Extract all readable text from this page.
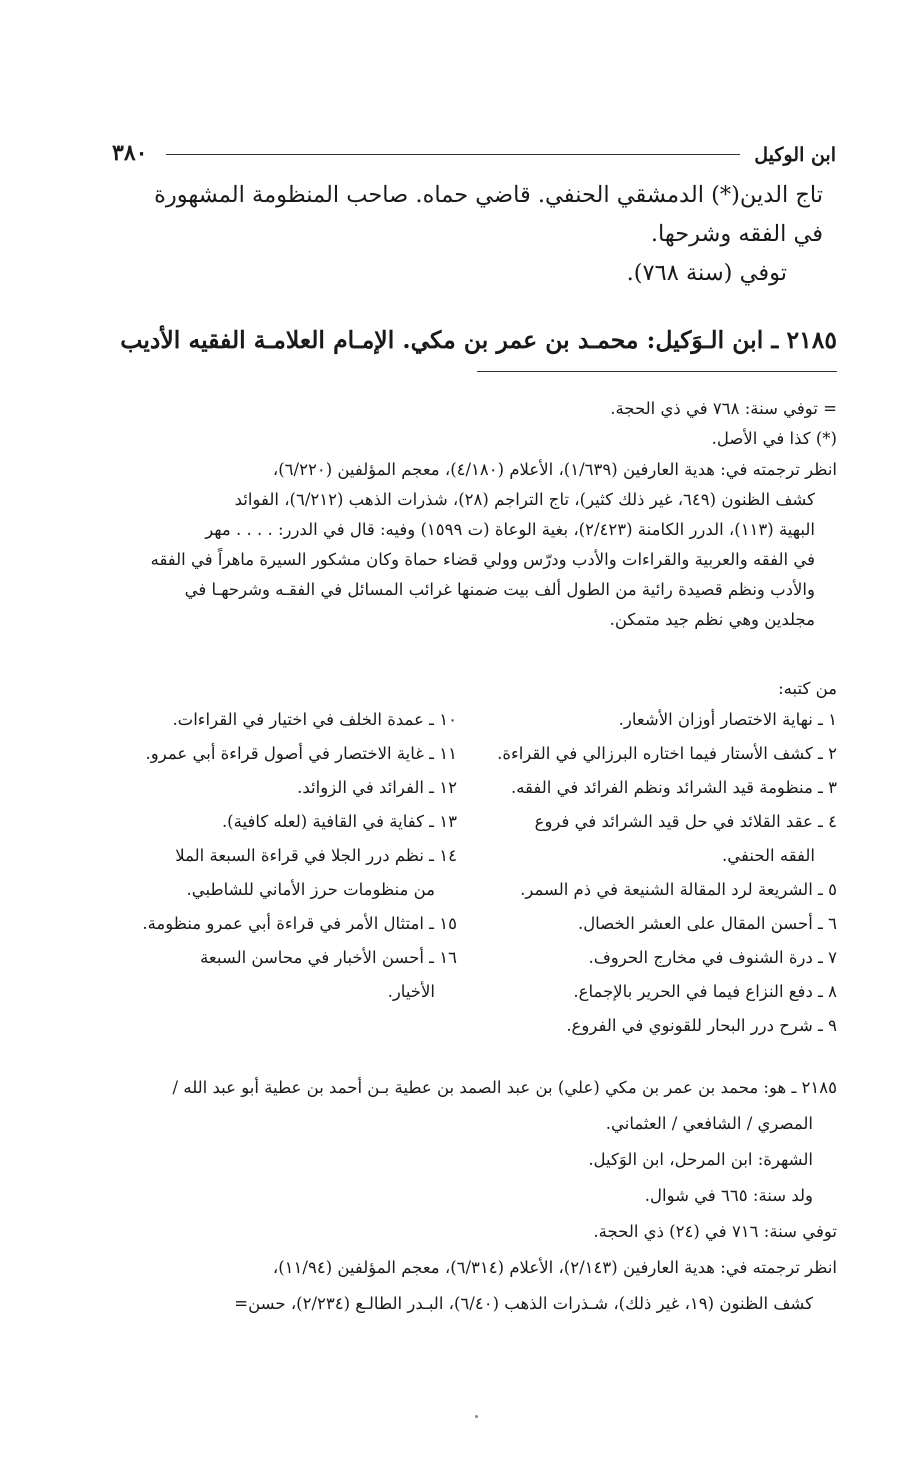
ابن الوكيل
٣٨٠

تاج الدين(*) الدمشقي الحنفي. قاضي حماه. صاحب المنظومة المشهورة

في الفقه وشرحها.

توفي (سنة ٧٦٨).

٢١٨٥ ـ ابن الـوَكيل: محمـد بن عمر بن مكي. الإمـام العلامـة الفقيه الأديب
= توفي سنة: ٧٦٨ في ذي الحجة.
(*) كذا في الأصل.

انظر ترجمته في: هدية العارفين (١/٦٣٩)، الأعلام (٤/١٨٠)، معجم المؤلفين (٦/٢٢٠)،

كشف الظنون (٦٤٩، غير ذلك كثير)، تاج التراجم (٢٨)، شذرات الذهب (٦/٢١٢)، الفوائد

البهية (١١٣)، الدرر الكامنة (٢/٤٢٣)، بغية الوعاة (ت ١٥٩٩) وفيه: قال في الدرر: . . . . مهر

في الفقه والعربية والقراءات والأدب ودرّس وولي قضاء حماة وكان مشكور السيرة ماهراً في الفقه

والأدب ونظم قصيدة رائية من الطول ألف بيت ضمنها غرائب المسائل في الفقـه وشرحهـا في

مجلدين وهي نظم جيد متمكن.

من كتبه:
١ ـ نهاية الاختصار أوزان الأشعار.
٢ ـ كشف الأستار فيما اختاره البرزالي في القراءة.
٣ ـ منظومة قيد الشرائد ونظم الفرائد في الفقه.
٤ ـ عقد القلائد في حل قيد الشرائد في فروع
الفقه الحنفي.
٥ ـ الشريعة لرد المقالة الشنيعة في ذم السمر.
٦ ـ أحسن المقال على العشر الخصال.
٧ ـ درة الشنوف في مخارج الحروف.
٨ ـ دفع النزاع فيما في الحرير بالإجماع.
٩ ـ شرح درر البحار للقونوي في الفروع.
١٠ ـ عمدة الخلف في اختيار في القراءات.
١١ ـ غاية الاختصار في أصول قراءة أبي عمرو.
١٢ ـ الفرائد في الزوائد.
١٣ ـ كفاية في القافية (لعله كافية).
١٤ ـ نظم درر الجلا في قراءة السبعة الملا
من منظومات حرز الأماني للشاطبي.
١٥ ـ امتثال الأمر في قراءة أبي عمرو منظومة.
١٦ ـ أحسن الأخبار في محاسن السبعة
الأخيار.

٢١٨٥ ـ هو: محمد بن عمر بن مكي (علي) بن عبد الصمد بن عطية بـن أحمد بن عطية أبو عبد الله /

المصري / الشافعي / العثماني.

الشهرة: ابن المرحل، ابن الوَكيل.

ولد سنة: ٦٦٥ في شوال.

توفي سنة: ٧١٦ في (٢٤) ذي الحجة.

انظر ترجمته في: هدية العارفين (٢/١٤٣)، الأعلام (٦/٣١٤)، معجم المؤلفين (١١/٩٤)،

كشف الظنون (١٩، غير ذلك)، شـذرات الذهب (٦/٤٠)، البـدر الطالـع (٢/٢٣٤)، حسن=
